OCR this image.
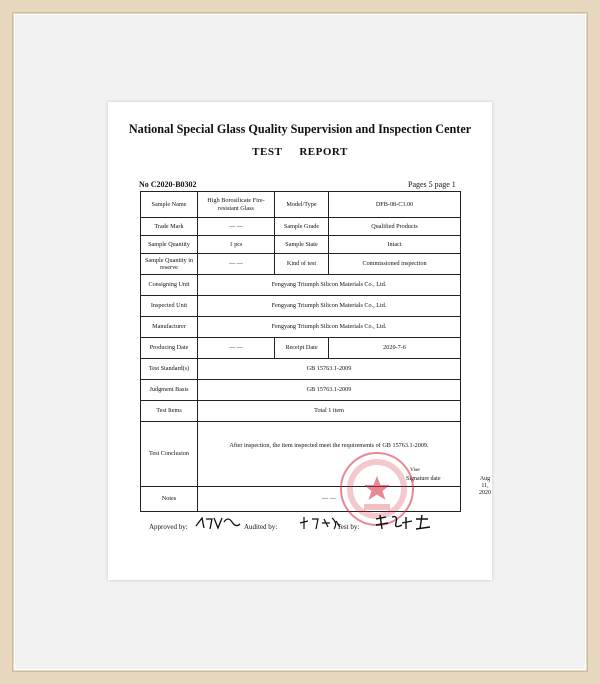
National Special Glass Quality Supervision and Inspection Center
TEST REPORT
No C2020-B0302	Pages 5 page 1
Sample Name	High Borosilicate Fire-resistant Glass	Model/Type	DFB-08-C3.00
Trade Mark	— —	Sample Grade	Qualified Products
Sample Quantity	1 pcs	Sample State	Intact
Sample Quantity in reserve	— —	Kind of test	Commissioned inspection
Consigning Unit	Fengyang Triumph Silicon Materials Co., Ltd.		
Inspected Unit	Fengyang Triumph Silicon Materials Co., Ltd.		
Manufacturer	Fengyang Triumph Silicon Materials Co., Ltd.		
Producing Date	— —	Receipt Date	2020-7-6
Test Standard(s)	GB 15763.1-2009		
Judgment Basis	GB 15763.1-2009		
Test Items	Total 1 item		
Test Conclusion	After inspection, the item inspected meet the requirements of GB 15763.1-2009.
Vise
Signature date Aug 11, 2020		

Notes	— —		
Approved by:	Audited by:	Test by:
